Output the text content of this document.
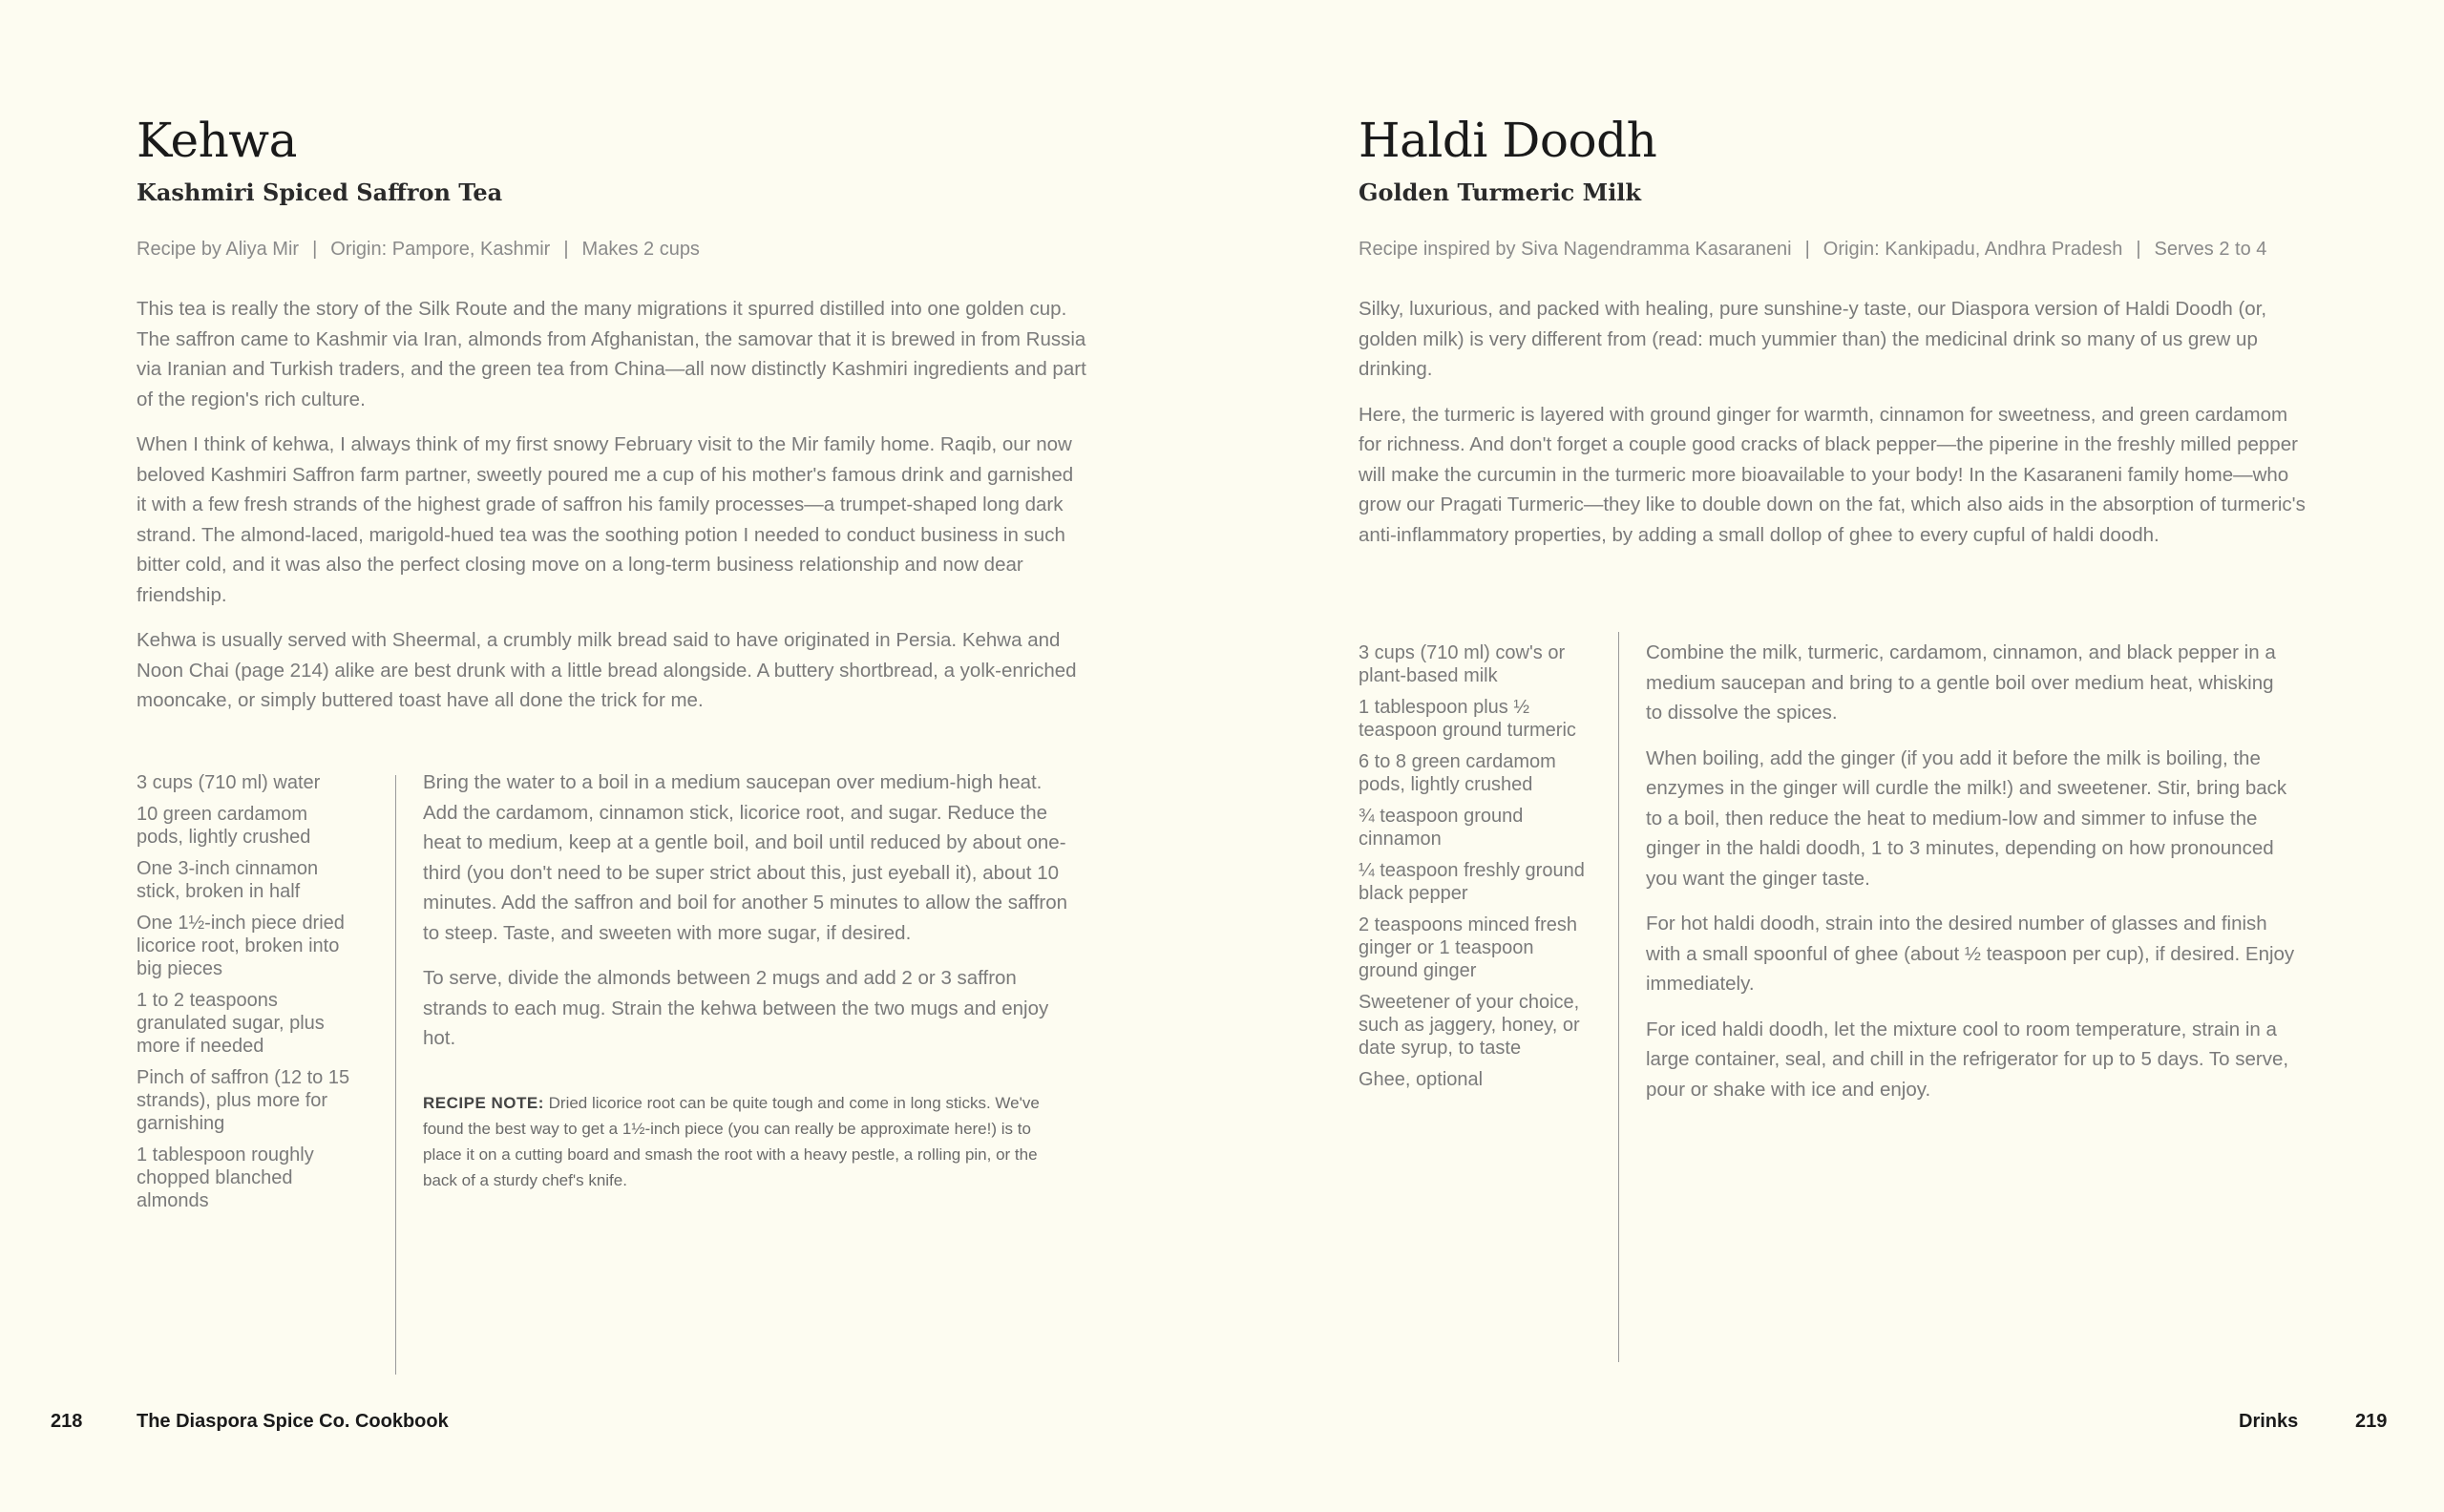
Kehwa
Kashmiri Spiced Saffron Tea
Recipe by Aliya Mir | Origin: Pampore, Kashmir | Makes 2 cups

This tea is really the story of the Silk Route and the many migrations it spurred distilled into one golden cup. The saffron came to Kashmir via Iran, almonds from Afghanistan, the samovar that it is brewed in from Russia via Iranian and Turkish traders, and the green tea from China—all now distinctly Kashmiri ingredients and part of the region's rich culture.

When I think of kehwa, I always think of my first snowy February visit to the Mir family home. Raqib, our now beloved Kashmiri Saffron farm partner, sweetly poured me a cup of his mother's famous drink and garnished it with a few fresh strands of the highest grade of saffron his family processes—a trumpet-shaped long dark strand. The almond-laced, marigold-hued tea was the soothing potion I needed to conduct business in such bitter cold, and it was also the perfect closing move on a long-term business relationship and now dear friendship.

Kehwa is usually served with Sheermal, a crumbly milk bread said to have originated in Persia. Kehwa and Noon Chai (page 214) alike are best drunk with a little bread alongside. A buttery shortbread, a yolk-enriched mooncake, or simply buttered toast have all done the trick for me.

3 cups (710 ml) water
10 green cardamom pods, lightly crushed
One 3-inch cinnamon stick, broken in half
One 1½-inch piece dried licorice root, broken into big pieces
1 to 2 teaspoons granulated sugar, plus more if needed
Pinch of saffron (12 to 15 strands), plus more for garnishing
1 tablespoon roughly chopped blanched almonds

Bring the water to a boil in a medium saucepan over medium-high heat. Add the cardamom, cinnamon stick, licorice root, and sugar. Reduce the heat to medium, keep at a gentle boil, and boil until reduced by about one-third (you don't need to be super strict about this, just eyeball it), about 10 minutes. Add the saffron and boil for another 5 minutes to allow the saffron to steep. Taste, and sweeten with more sugar, if desired.

To serve, divide the almonds between 2 mugs and add 2 or 3 saffron strands to each mug. Strain the kehwa between the two mugs and enjoy hot.

RECIPE NOTE: Dried licorice root can be quite tough and come in long sticks. We've found the best way to get a 1½-inch piece (you can really be approximate here!) is to place it on a cutting board and smash the root with a heavy pestle, a rolling pin, or the back of a sturdy chef's knife.
218	The Diaspora Spice Co. Cookbook
Haldi Doodh
Golden Turmeric Milk
Recipe inspired by Siva Nagendramma Kasaraneni | Origin: Kankipadu, Andhra Pradesh | Serves 2 to 4

Silky, luxurious, and packed with healing, pure sunshine-y taste, our Diaspora version of Haldi Doodh (or, golden milk) is very different from (read: much yummier than) the medicinal drink so many of us grew up drinking.

Here, the turmeric is layered with ground ginger for warmth, cinnamon for sweetness, and green cardamom for richness. And don't forget a couple good cracks of black pepper—the piperine in the freshly milled pepper will make the curcumin in the turmeric more bioavailable to your body! In the Kasaraneni family home—who grow our Pragati Turmeric—they like to double down on the fat, which also aids in the absorption of turmeric's anti-inflammatory properties, by adding a small dollop of ghee to every cupful of haldi doodh.

3 cups (710 ml) cow's or plant-based milk
1 tablespoon plus ½ teaspoon ground turmeric
6 to 8 green cardamom pods, lightly crushed
¾ teaspoon ground cinnamon
¼ teaspoon freshly ground black pepper
2 teaspoons minced fresh ginger or 1 teaspoon ground ginger
Sweetener of your choice, such as jaggery, honey, or date syrup, to taste
Ghee, optional

Combine the milk, turmeric, cardamom, cinnamon, and black pepper in a medium saucepan and bring to a gentle boil over medium heat, whisking to dissolve the spices.

When boiling, add the ginger (if you add it before the milk is boiling, the enzymes in the ginger will curdle the milk!) and sweetener. Stir, bring back to a boil, then reduce the heat to medium-low and simmer to infuse the ginger in the haldi doodh, 1 to 3 minutes, depending on how pronounced you want the ginger taste.

For hot haldi doodh, strain into the desired number of glasses and finish with a small spoonful of ghee (about ½ teaspoon per cup), if desired. Enjoy immediately.

For iced haldi doodh, let the mixture cool to room temperature, strain in a large container, seal, and chill in the refrigerator for up to 5 days. To serve, pour or shake with ice and enjoy.

Drinks	219
